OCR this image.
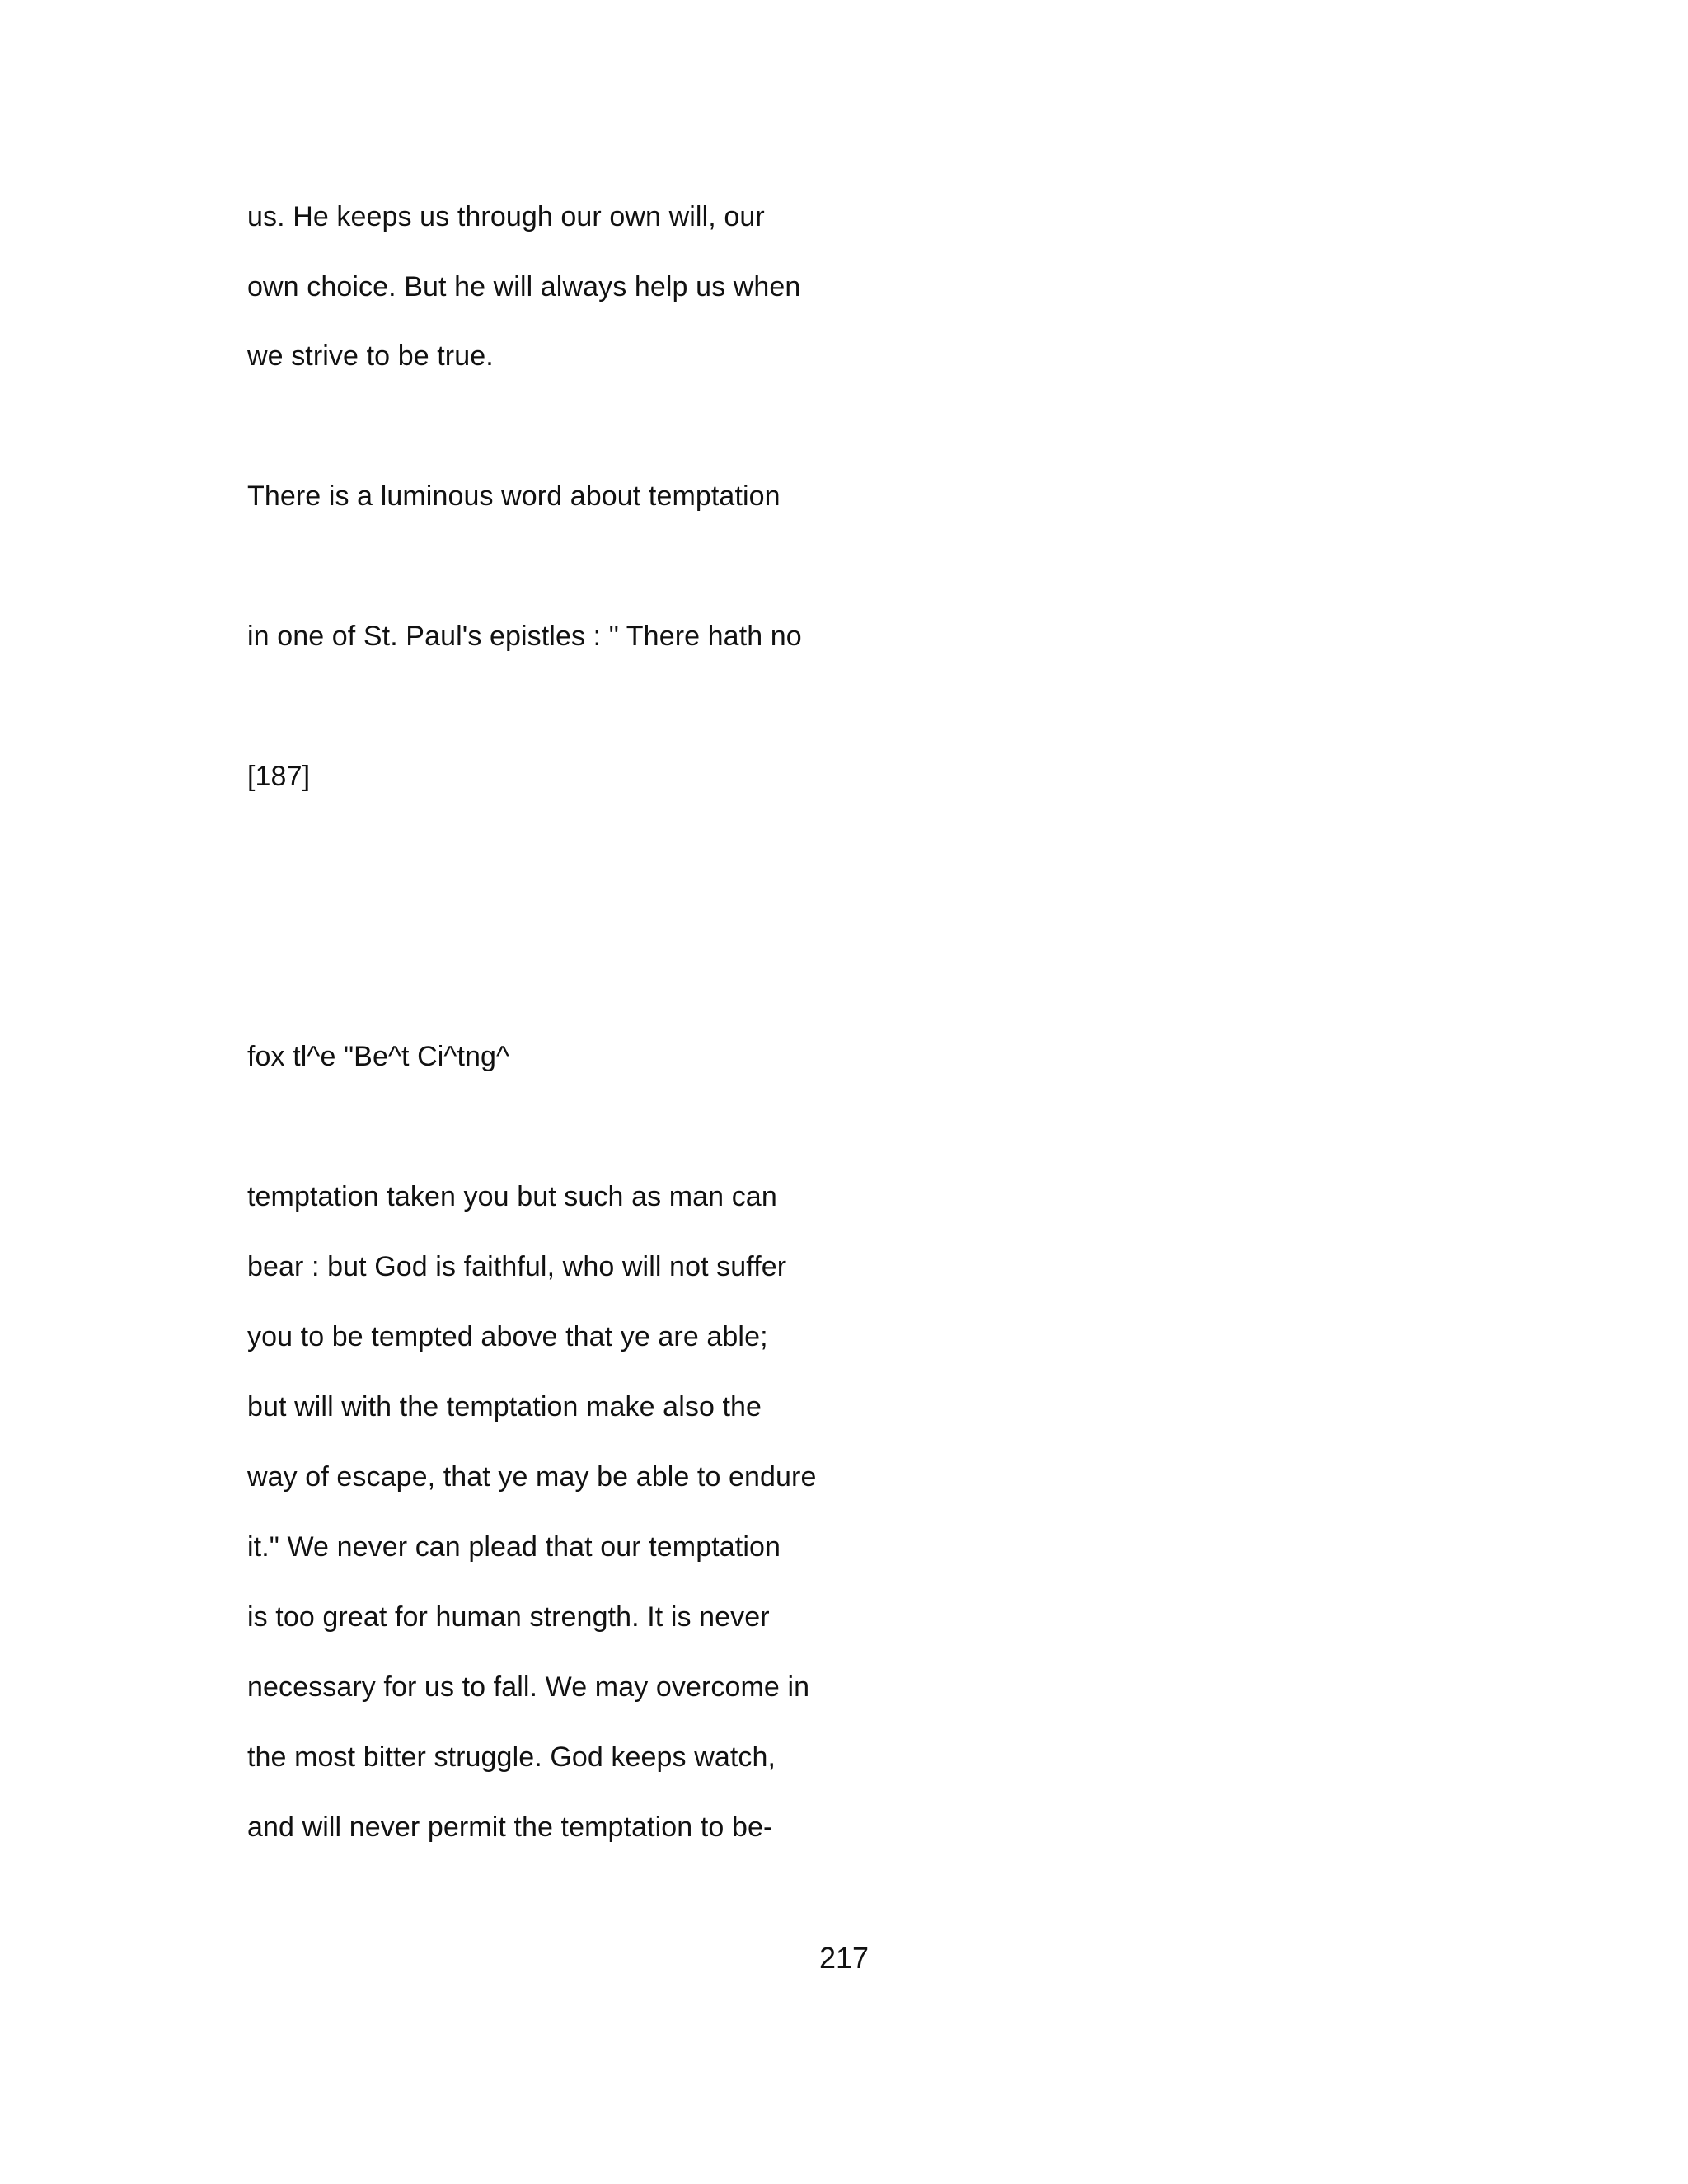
us. He keeps us through our own will, our
own choice. But he will always help us when
we strive to be true.
There is a luminous word about temptation
in one of St. Paul's epistles : " There hath no
[187]
fox tl^e "Be^t Ci^tng^
temptation taken you but such as man can
bear : but God is faithful, who will not suffer
you to be tempted above that ye are able;
but will with the temptation make also the
way of escape, that ye may be able to endure
it." We never can plead that our temptation
is too great for human strength. It is never
necessary for us to fall. We may overcome in
the most bitter struggle. God keeps watch,
and will never permit the temptation to be-
217
